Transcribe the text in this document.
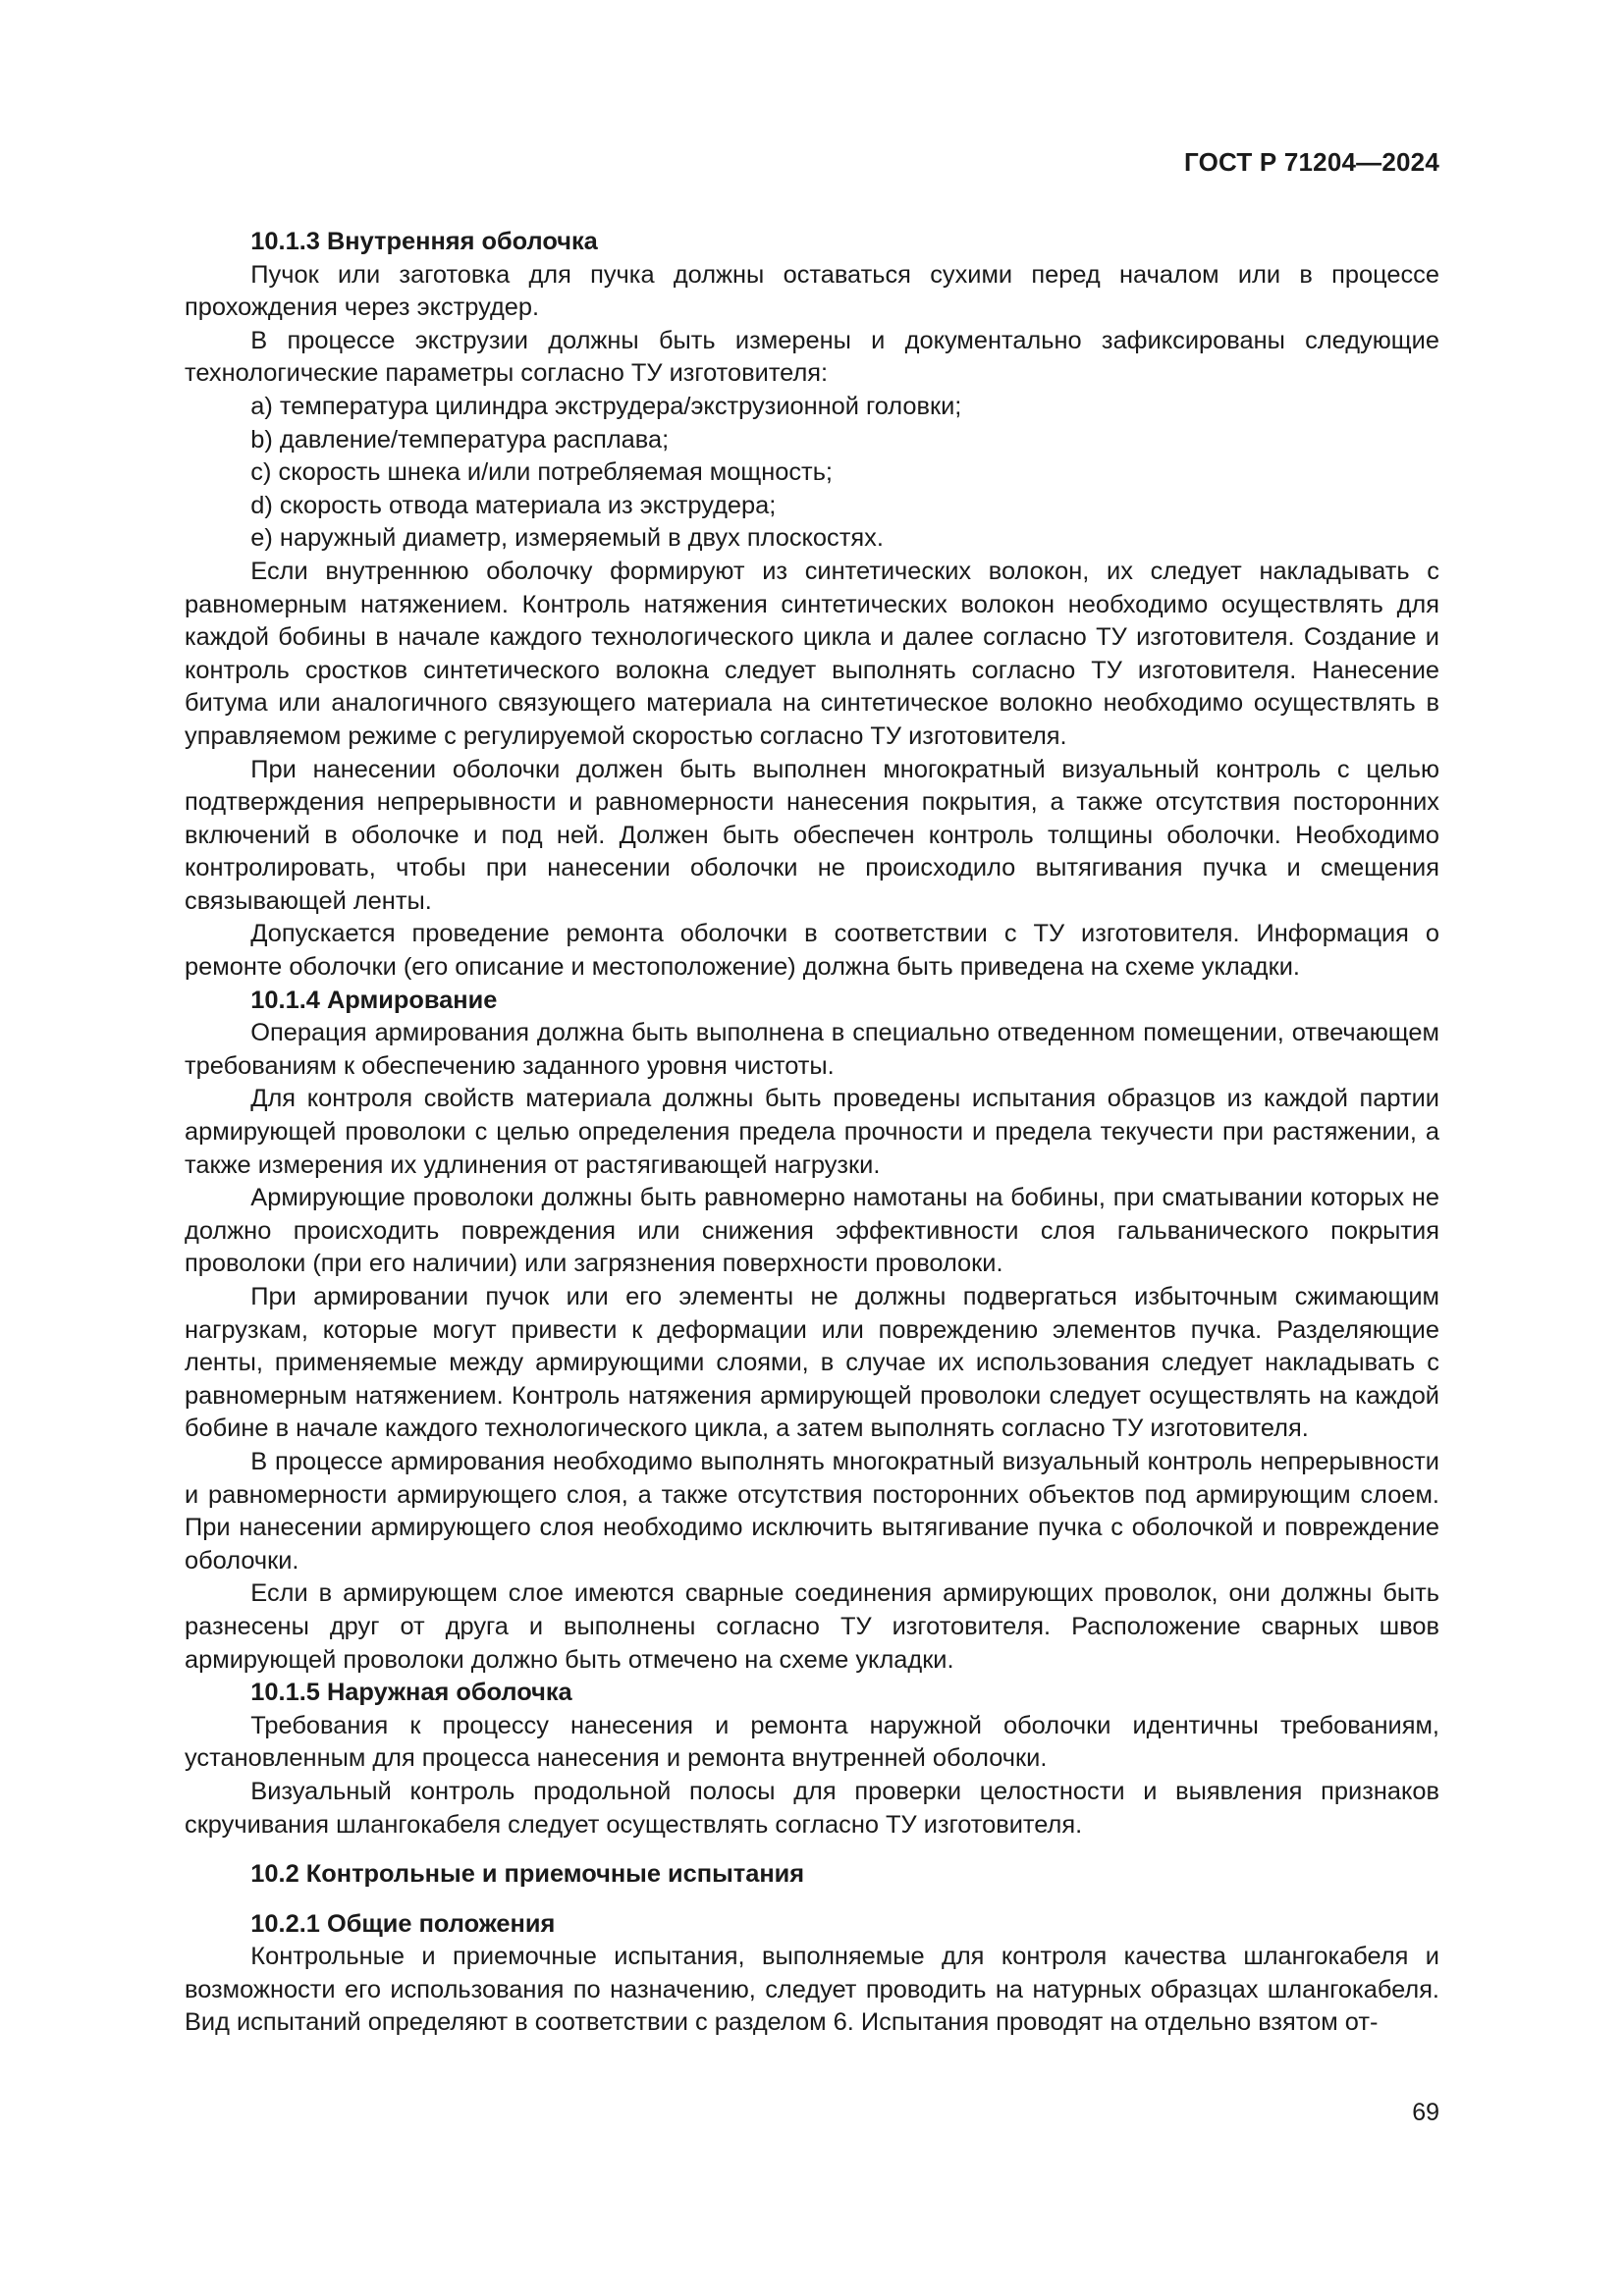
ГОСТ Р 71204—2024

10.1.3 Внутренняя оболочка

Пучок или заготовка для пучка должны оставаться сухими перед началом или в процессе прохождения через экструдер.

В процессе экструзии должны быть измерены и документально зафиксированы следующие технологические параметры согласно ТУ изготовителя:

a) температура цилиндра экструдера/экструзионной головки;

b) давление/температура расплава;

c) скорость шнека и/или потребляемая мощность;

d) скорость отвода материала из экструдера;

e) наружный диаметр, измеряемый в двух плоскостях.

Если внутреннюю оболочку формируют из синтетических волокон, их следует накладывать с равномерным натяжением. Контроль натяжения синтетических волокон необходимо осуществлять для каждой бобины в начале каждого технологического цикла и далее согласно ТУ изготовителя. Создание и контроль сростков синтетического волокна следует выполнять согласно ТУ изготовителя. Нанесение битума или аналогичного связующего материала на синтетическое волокно необходимо осуществлять в управляемом режиме с регулируемой скоростью согласно ТУ изготовителя.

При нанесении оболочки должен быть выполнен многократный визуальный контроль с целью подтверждения непрерывности и равномерности нанесения покрытия, а также отсутствия посторонних включений в оболочке и под ней. Должен быть обеспечен контроль толщины оболочки. Необходимо контролировать, чтобы при нанесении оболочки не происходило вытягивания пучка и смещения связывающей ленты.

Допускается проведение ремонта оболочки в соответствии с ТУ изготовителя. Информация о ремонте оболочки (его описание и местоположение) должна быть приведена на схеме укладки.

10.1.4 Армирование

Операция армирования должна быть выполнена в специально отведенном помещении, отвечающем требованиям к обеспечению заданного уровня чистоты.

Для контроля свойств материала должны быть проведены испытания образцов из каждой партии армирующей проволоки с целью определения предела прочности и предела текучести при растяжении, а также измерения их удлинения от растягивающей нагрузки.

Армирующие проволоки должны быть равномерно намотаны на бобины, при сматывании которых не должно происходить повреждения или снижения эффективности слоя гальванического покрытия проволоки (при его наличии) или загрязнения поверхности проволоки.

При армировании пучок или его элементы не должны подвергаться избыточным сжимающим нагрузкам, которые могут привести к деформации или повреждению элементов пучка. Разделяющие ленты, применяемые между армирующими слоями, в случае их использования следует накладывать с равномерным натяжением. Контроль натяжения армирующей проволоки следует осуществлять на каждой бобине в начале каждого технологического цикла, а затем выполнять согласно ТУ изготовителя.

В процессе армирования необходимо выполнять многократный визуальный контроль непрерывности и равномерности армирующего слоя, а также отсутствия посторонних объектов под армирующим слоем. При нанесении армирующего слоя необходимо исключить вытягивание пучка с оболочкой и повреждение оболочки.

Если в армирующем слое имеются сварные соединения армирующих проволок, они должны быть разнесены друг от друга и выполнены согласно ТУ изготовителя. Расположение сварных швов армирующей проволоки должно быть отмечено на схеме укладки.

10.1.5 Наружная оболочка

Требования к процессу нанесения и ремонта наружной оболочки идентичны требованиям, установленным для процесса нанесения и ремонта внутренней оболочки.

Визуальный контроль продольной полосы для проверки целостности и выявления признаков скручивания шлангокабеля следует осуществлять согласно ТУ изготовителя.

10.2 Контрольные и приемочные испытания

10.2.1 Общие положения

Контрольные и приемочные испытания, выполняемые для контроля качества шлангокабеля и возможности его использования по назначению, следует проводить на натурных образцах шлангокабеля. Вид испытаний определяют в соответствии с разделом 6. Испытания проводят на отдельно взятом от-

69
